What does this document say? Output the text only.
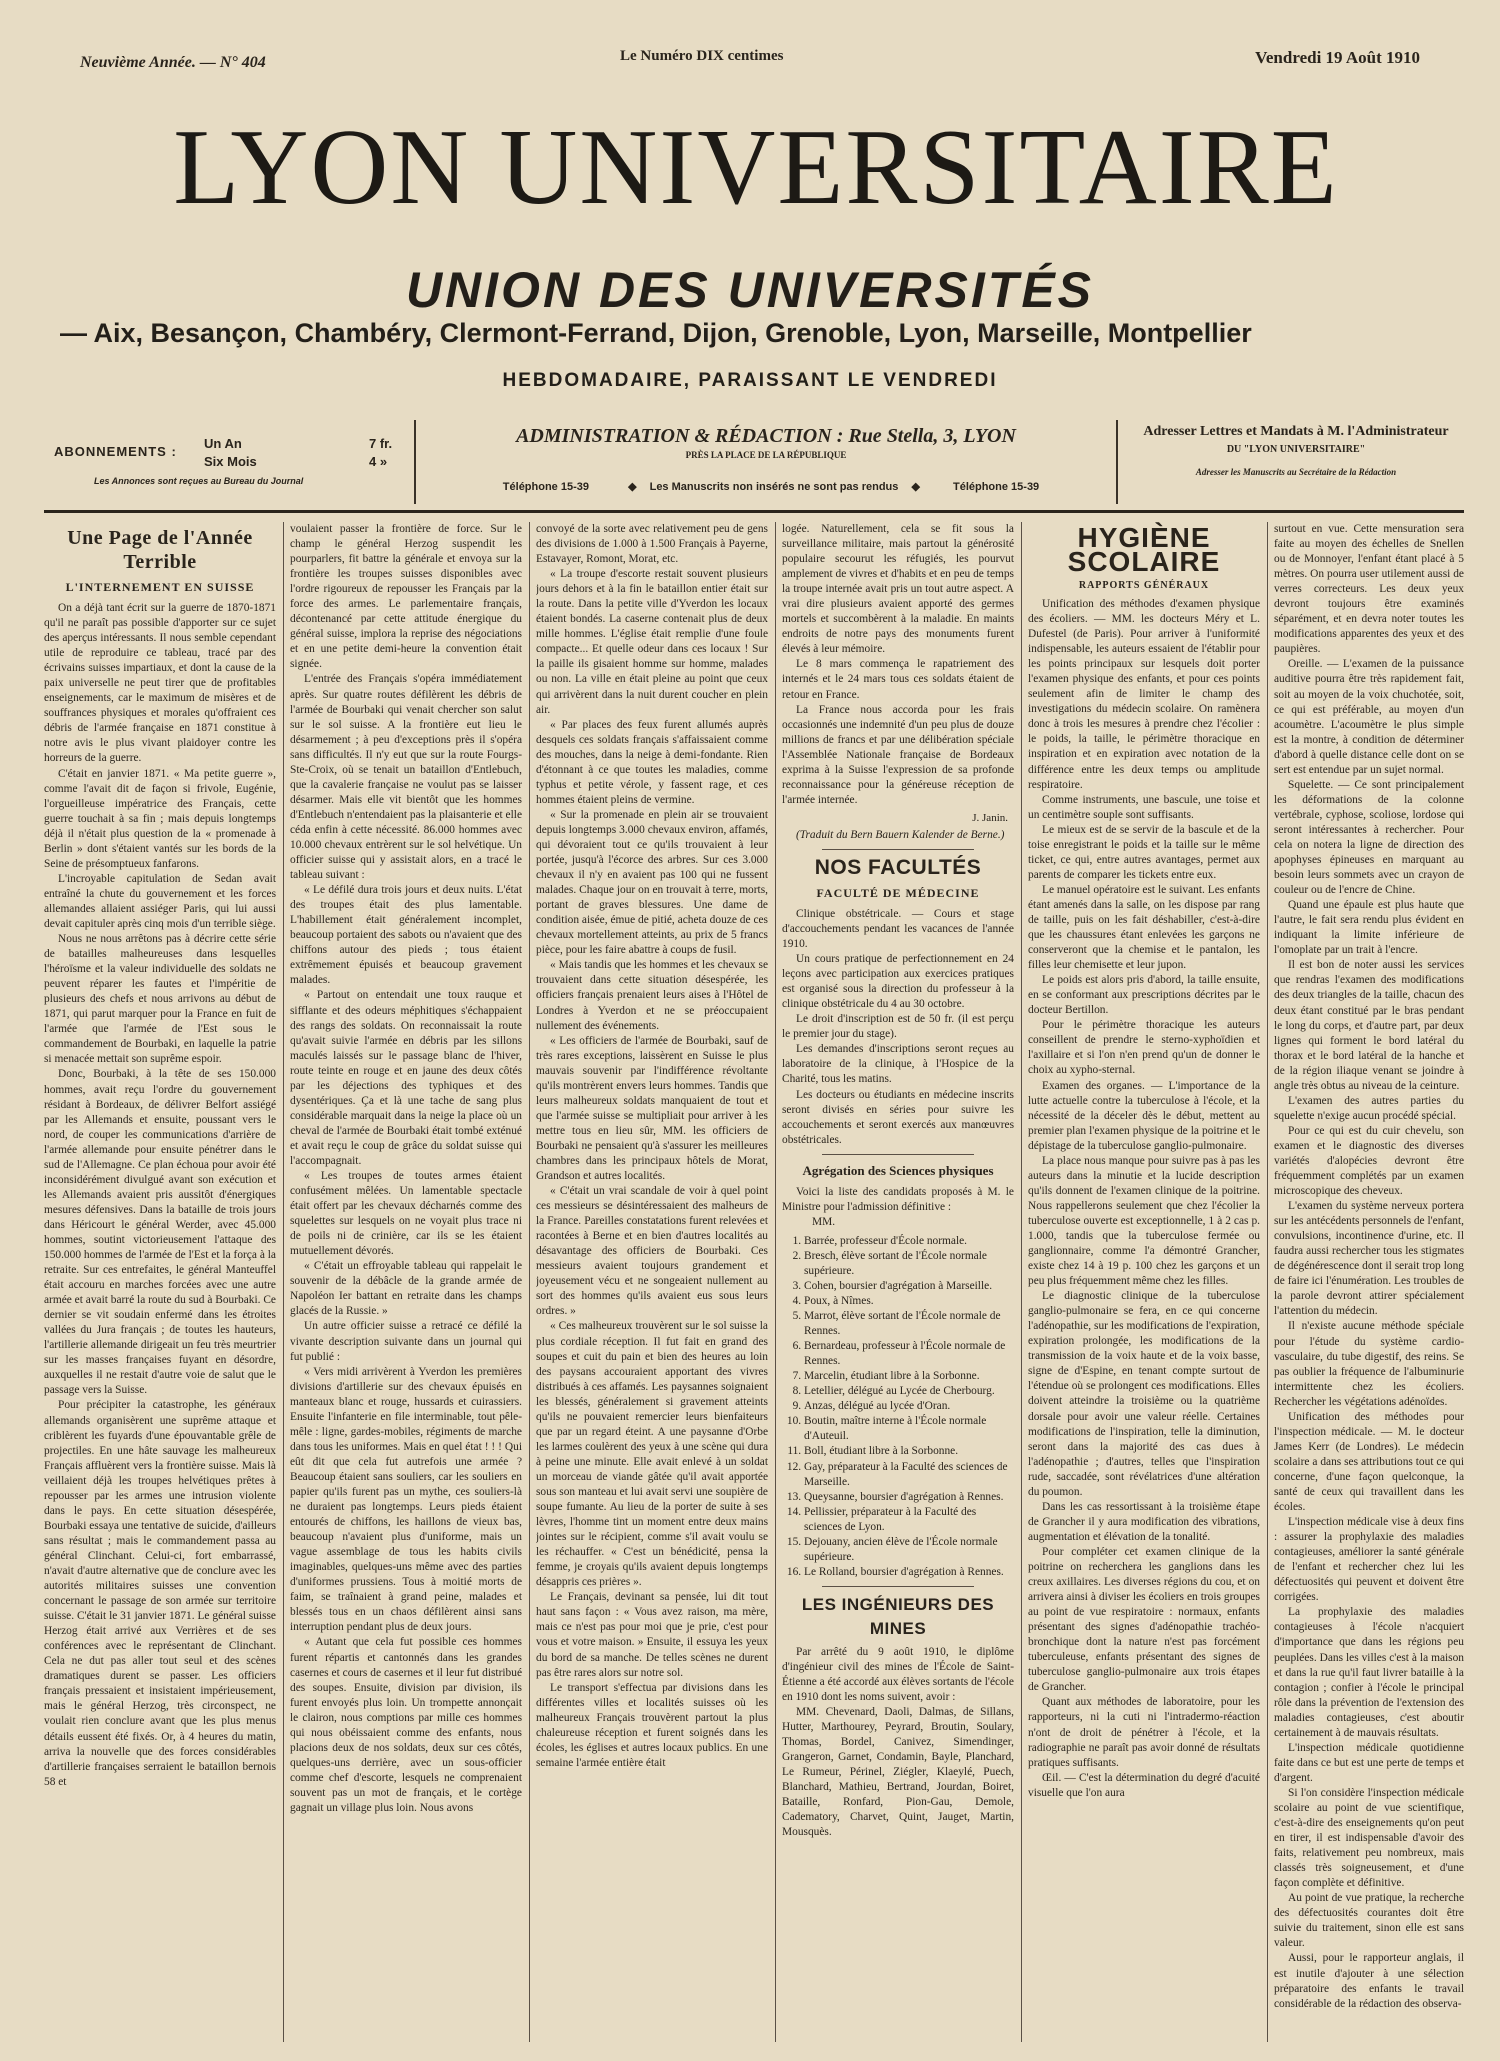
Neuvième Année. — N° 404	Le Numéro DIX centimes	Vendredi 19 Août 1910
LYON UNIVERSITAIRE
UNION DES UNIVERSITÉS
— Aix, Besançon, Chambéry, Clermont-Ferrand, Dijon, Grenoble, Lyon, Marseille, Montpellier
HEBDOMADAIRE, PARAISSANT LE VENDREDI
ABONNEMENTS :
Un An	7 fr.
Six Mois	4 »
Les Annonces sont reçues au Bureau du Journal
ADMINISTRATION & RÉDACTION : Rue Stella, 3, LYON
PRÈS LA PLACE DE LA RÉPUBLIQUE
Téléphone 15-39	◆ Les Manuscrits non insérés ne sont pas rendus ◆	Téléphone 15-39
Adresser Lettres et Mandats à M. l'Administrateur
DU "LYON UNIVERSITAIRE"
Adresser les Manuscrits au Secrétaire de la Rédaction
Une Page de l'Année Terrible
L'INTERNEMENT EN SUISSE

On a déjà tant écrit sur la guerre de 1870-1871 qu'il ne paraît pas possible d'apporter sur ce sujet des aperçus intéressants. Il nous semble cependant utile de reproduire ce tableau, tracé par des écrivains suisses impartiaux, et dont la cause de la paix universelle ne peut tirer que de profitables enseignements, car le maximum de misères et de souffrances physiques et morales qu'offraient ces débris de l'armée française en 1871 constitue à notre avis le plus vivant plaidoyer contre les horreurs de la guerre.

C'était en janvier 1871. « Ma petite guerre », comme l'avait dit de façon si frivole, Eugénie, l'orgueilleuse impératrice des Français, cette guerre touchait à sa fin ; mais depuis longtemps déjà il n'était plus question de la « promenade à Berlin » dont s'étaient vantés sur les bords de la Seine de présomptueux fanfarons.

L'incroyable capitulation de Sedan avait entraîné la chute du gouvernement et les forces allemandes allaient assiéger Paris, qui lui aussi devait capituler après cinq mois d'un terrible siège.

Nous ne nous arrêtons pas à décrire cette série de batailles malheureuses dans lesquelles l'héroïsme et la valeur individuelle des soldats ne peuvent réparer les fautes et l'impéritie de plusieurs des chefs et nous arrivons au début de 1871, qui parut marquer pour la France en fuit de l'armée que l'armée de l'Est sous le commandement de Bourbaki, en laquelle la patrie si menacée mettait son suprême espoir.

Donc, Bourbaki, à la tête de ses 150.000 hommes, avait reçu l'ordre du gouvernement résidant à Bordeaux, de délivrer Belfort assiégé par les Allemands et ensuite, poussant vers le nord, de couper les communications d'arrière de l'armée allemande pour ensuite pénétrer dans le sud de l'Allemagne. Ce plan échoua pour avoir été inconsidérément divulgué avant son exécution et les Allemands avaient pris aussitôt d'énergiques mesures défensives. Dans la bataille de trois jours dans Héricourt le général Werder, avec 45.000 hommes, soutint victorieusement l'attaque des 150.000 hommes de l'armée de l'Est et la força à la retraite. Sur ces entrefaites, le général Manteuffel était accouru en marches forcées avec une autre armée et avait barré la route du sud à Bourbaki. Ce dernier se vit soudain enfermé dans les étroites vallées du Jura français ; de toutes les hauteurs, l'artillerie allemande dirigeait un feu très meurtrier sur les masses françaises fuyant en désordre, auxquelles il ne restait d'autre voie de salut que le passage vers la Suisse.

Pour précipiter la catastrophe, les généraux allemands organisèrent une suprême attaque et criblèrent les fuyards d'une épouvantable grêle de projectiles. En une hâte sauvage les malheureux Français affluèrent vers la frontière suisse. Mais là veillaient déjà les troupes helvétiques prêtes à repousser par les armes une intrusion violente dans le pays. En cette situation désespérée, Bourbaki essaya une tentative de suicide, d'ailleurs sans résultat ; mais le commandement passa au général Clinchant. Celui-ci, fort embarrassé, n'avait d'autre alternative que de conclure avec les autorités militaires suisses une convention concernant le passage de son armée sur territoire suisse. C'était le 31 janvier 1871. Le général suisse Herzog était arrivé aux Verrières et de ses conférences avec le représentant de Clinchant. Cela ne dut pas aller tout seul et des scènes dramatiques durent se passer. Les officiers français pressaient et insistaient impérieusement, mais le général Herzog, très circonspect, ne voulait rien conclure avant que les plus menus détails eussent été fixés. Or, à 4 heures du matin, arriva la nouvelle que des forces considérables d'artillerie françaises serraient le bataillon bernois 58 et

voulaient passer la frontière de force. Sur le champ le général Herzog suspendit les pourparlers, fit battre la générale et envoya sur la frontière les troupes suisses disponibles avec l'ordre rigoureux de repousser les Français par la force des armes. Le parlementaire français, décontenancé par cette attitude énergique du général suisse, implora la reprise des négociations et en une petite demi-heure la convention était signée.

L'entrée des Français s'opéra immédiatement après. Sur quatre routes défilèrent les débris de l'armée de Bourbaki qui venait chercher son salut sur le sol suisse. A la frontière eut lieu le désarmement ; à peu d'exceptions près il s'opéra sans difficultés. Il n'y eut que sur la route Fourgs-Ste-Croix, où se tenait un bataillon d'Entlebuch, que la cavalerie française ne voulut pas se laisser désarmer. Mais elle vit bientôt que les hommes d'Entlebuch n'entendaient pas la plaisanterie et elle céda enfin à cette nécessité. 86.000 hommes avec 10.000 chevaux entrèrent sur le sol helvétique. Un officier suisse qui y assistait alors, en a tracé le tableau suivant :

« Le défilé dura trois jours et deux nuits. L'état des troupes était des plus lamentable. L'habillement était généralement incomplet, beaucoup portaient des sabots ou n'avaient que des chiffons autour des pieds ; tous étaient extrêmement épuisés et beaucoup gravement malades.

« Partout on entendait une toux rauque et sifflante et des odeurs méphitiques s'échappaient des rangs des soldats. On reconnaissait la route qu'avait suivie l'armée en débris par les sillons maculés laissés sur le passage blanc de l'hiver, route teinte en rouge et en jaune des deux côtés par les déjections des typhiques et des dysentériques. Ça et là une tache de sang plus considérable marquait dans la neige la place où un cheval de l'armée de Bourbaki était tombé exténué et avait reçu le coup de grâce du soldat suisse qui l'accompagnait.

« Les troupes de toutes armes étaient confusément mêlées. Un lamentable spectacle était offert par les chevaux décharnés comme des squelettes sur lesquels on ne voyait plus trace ni de poils ni de crinière, car ils se les étaient mutuellement dévorés.

« C'était un effroyable tableau qui rappelait le souvenir de la débâcle de la grande armée de Napoléon Ier battant en retraite dans les champs glacés de la Russie. »

Un autre officier suisse a retracé ce défilé la vivante description suivante dans un journal qui fut publié :

« Vers midi arrivèrent à Yverdon les premières divisions d'artillerie sur des chevaux épuisés en manteaux blanc et rouge, hussards et cuirassiers. Ensuite l'infanterie en file interminable, tout pêle-mêle : ligne, gardes-mobiles, régiments de marche dans tous les uniformes. Mais en quel état ! ! ! Qui eût dit que cela fut autrefois une armée ? Beaucoup étaient sans souliers, car les souliers en papier qu'ils furent pas un mythe, ces souliers-là ne duraient pas longtemps. Leurs pieds étaient entourés de chiffons, les haillons de vieux bas, beaucoup n'avaient plus d'uniforme, mais un vague assemblage de tous les habits civils imaginables, quelques-uns même avec des parties d'uniformes prussiens. Tous à moitié morts de faim, se traînaient à grand peine, malades et blessés tous en un chaos défilèrent ainsi sans interruption pendant plus de deux jours.

« Autant que cela fut possible ces hommes furent répartis et cantonnés dans les grandes casernes et cours de casernes et il leur fut distribué des soupes. Ensuite, division par division, ils furent envoyés plus loin. Un trompette annonçait le clairon, nous comptions par mille ces hommes qui nous obéissaient comme des enfants, nous placions deux de nos soldats, deux sur ces côtés, quelques-uns derrière, avec un sous-officier comme chef d'escorte, lesquels ne comprenaient souvent pas un mot de français, et le cortège gagnait un village plus loin. Nous avons

convoyé de la sorte avec relativement peu de gens des divisions de 1.000 à 1.500 Français à Payerne, Estavayer, Romont, Morat, etc.

« La troupe d'escorte restait souvent plusieurs jours dehors et à la fin le bataillon entier était sur la route. Dans la petite ville d'Yverdon les locaux étaient bondés. La caserne contenait plus de deux mille hommes. L'église était remplie d'une foule compacte... Et quelle odeur dans ces locaux ! Sur la paille ils gisaient homme sur homme, malades ou non. La ville en était pleine au point que ceux qui arrivèrent dans la nuit durent coucher en plein air.

« Par places des feux furent allumés auprès desquels ces soldats français s'affaissaient comme des mouches, dans la neige à demi-fondante. Rien d'étonnant à ce que toutes les maladies, comme typhus et petite vérole, y fassent rage, et ces hommes étaient pleins de vermine.

« Sur la promenade en plein air se trouvaient depuis longtemps 3.000 chevaux environ, affamés, qui dévoraient tout ce qu'ils trouvaient à leur portée, jusqu'à l'écorce des arbres. Sur ces 3.000 chevaux il n'y en avaient pas 100 qui ne fussent malades. Chaque jour on en trouvait à terre, morts, portant de graves blessures. Une dame de condition aisée, émue de pitié, acheta douze de ces chevaux mortellement atteints, au prix de 5 francs pièce, pour les faire abattre à coups de fusil.

« Mais tandis que les hommes et les chevaux se trouvaient dans cette situation désespérée, les officiers français prenaient leurs aises à l'Hôtel de Londres à Yverdon et ne se préoccupaient nullement des événements.

« Les officiers de l'armée de Bourbaki, sauf de très rares exceptions, laissèrent en Suisse le plus mauvais souvenir par l'indifférence révoltante qu'ils montrèrent envers leurs hommes. Tandis que leurs malheureux soldats manquaient de tout et que l'armée suisse se multipliait pour arriver à les mettre tous en lieu sûr, MM. les officiers de Bourbaki ne pensaient qu'à s'assurer les meilleures chambres dans les principaux hôtels de Morat, Grandson et autres localités.

« C'était un vrai scandale de voir à quel point ces messieurs se désintéressaient des malheurs de la France. Pareilles constatations furent relevées et racontées à Berne et en bien d'autres localités au désavantage des officiers de Bourbaki. Ces messieurs avaient toujours grandement et joyeusement vécu et ne songeaient nullement au sort des hommes qu'ils avaient eus sous leurs ordres. »

« Ces malheureux trouvèrent sur le sol suisse la plus cordiale réception. Il fut fait en grand des soupes et cuit du pain et bien des heures au loin des paysans accouraient apportant des vivres distribués à ces affamés. Les paysannes soignaient les blessés, généralement si gravement atteints qu'ils ne pouvaient remercier leurs bienfaiteurs que par un regard éteint. A une paysanne d'Orbe les larmes coulèrent des yeux à une scène qui dura à peine une minute. Elle avait enlevé à un soldat un morceau de viande gâtée qu'il avait apportée sous son manteau et lui avait servi une soupière de soupe fumante. Au lieu de la porter de suite à ses lèvres, l'homme tint un moment entre deux mains jointes sur le récipient, comme s'il avait voulu se les réchauffer. « C'est un bénédicité, pensa la femme, je croyais qu'ils avaient depuis longtemps désappris ces prières ».

Le Français, devinant sa pensée, lui dit tout haut sans façon : « Vous avez raison, ma mère, mais ce n'est pas pour moi que je prie, c'est pour vous et votre maison. » Ensuite, il essuya les yeux du bord de sa manche. De telles scènes ne durent pas être rares alors sur notre sol.

Le transport s'effectua par divisions dans les différentes villes et localités suisses où les malheureux Français trouvèrent partout la plus chaleureuse réception et furent soignés dans les écoles, les églises et autres locaux publics. En une semaine l'armée entière était

logée. Naturellement, cela se fit sous la surveillance militaire, mais partout la générosité populaire secourut les réfugiés, les pourvut amplement de vivres et d'habits et en peu de temps la troupe internée avait pris un tout autre aspect. A vrai dire plusieurs avaient apporté des germes mortels et succombèrent à la maladie. En maints endroits de notre pays des monuments furent élevés à leur mémoire.

Le 8 mars commença le rapatriement des internés et le 24 mars tous ces soldats étaient de retour en France.

La France nous accorda pour les frais occasionnés une indemnité d'un peu plus de douze millions de francs et par une délibération spéciale l'Assemblée Nationale française de Bordeaux exprima à la Suisse l'expression de sa profonde reconnaissance pour la généreuse réception de l'armée internée.

J. Janin.

(Traduit du Bern Bauern Kalender de Berne.)

NOS FACULTÉS
FACULTÉ DE MÉDECINE

Clinique obstétricale. — Cours et stage d'accouchements pendant les vacances de l'année 1910.

Un cours pratique de perfectionnement en 24 leçons avec participation aux exercices pratiques est organisé sous la direction du professeur à la clinique obstétricale du 4 au 30 octobre.

Le droit d'inscription est de 50 fr. (il est perçu le premier jour du stage).

Les demandes d'inscriptions seront reçues au laboratoire de la clinique, à l'Hospice de la Charité, tous les matins.

Les docteurs ou étudiants en médecine inscrits seront divisés en séries pour suivre les accouchements et seront exercés aux manœuvres obstétricales.

Agrégation des Sciences physiques

Voici la liste des candidats proposés à M. le Ministre pour l'admission définitive :

MM.

1. Barrée, professeur d'École normale.
2. Bresch, élève sortant de l'École normale supérieure.
3. Cohen, boursier d'agrégation à Marseille.
4. Poux, à Nîmes.
5. Marrot, élève sortant de l'École normale de Rennes.
6. Bernardeau, professeur à l'École normale de Rennes.
7. Marcelin, étudiant libre à la Sorbonne.
8. Letellier, délégué au Lycée de Cherbourg.
9. Anzas, délégué au lycée d'Oran.
10. Boutin, maître interne à l'École normale d'Auteuil.
11. Boll, étudiant libre à la Sorbonne.
12. Gay, préparateur à la Faculté des sciences de Marseille.
13. Queysanne, boursier d'agrégation à Rennes.
14. Pellissier, préparateur à la Faculté des sciences de Lyon.
15. Dejouany, ancien élève de l'École normale supérieure.
16. Le Rolland, boursier d'agrégation à Rennes.
LES INGÉNIEURS DES MINES

Par arrêté du 9 août 1910, le diplôme d'ingénieur civil des mines de l'École de Saint-Étienne a été accordé aux élèves sortants de l'école en 1910 dont les noms suivent, avoir :

MM. Chevenard, Daoli, Dalmas, de Sillans, Hutter, Marthourey, Peyrard, Broutin, Soulary, Thomas, Bordel, Canivez, Simendinger, Grangeron, Garnet, Condamin, Bayle, Planchard, Le Rumeur, Périnel, Ziégler, Klaeylé, Puech, Blanchard, Mathieu, Bertrand, Jourdan, Boiret, Bataille, Ronfard, Pion-Gau, Demole, Cadematory, Charvet, Quint, Jauget, Martin, Mousquès.

HYGIÈNE SCOLAIRE
RAPPORTS GÉNÉRAUX

Unification des méthodes d'examen physique des écoliers. — MM. les docteurs Méry et L. Dufestel (de Paris). Pour arriver à l'uniformité indispensable, les auteurs essaient de l'établir pour les points principaux sur lesquels doit porter l'examen physique des enfants, et pour ces points seulement afin de limiter le champ des investigations du médecin scolaire. On ramènera donc à trois les mesures à prendre chez l'écolier : le poids, la taille, le périmètre thoracique en inspiration et en expiration avec notation de la différence entre les deux temps ou amplitude respiratoire.

Comme instruments, une bascule, une toise et un centimètre souple sont suffisants.

Le mieux est de se servir de la bascule et de la toise enregistrant le poids et la taille sur le même ticket, ce qui, entre autres avantages, permet aux parents de comparer les tickets entre eux.

Le manuel opératoire est le suivant. Les enfants étant amenés dans la salle, on les dispose par rang de taille, puis on les fait déshabiller, c'est-à-dire que les chaussures étant enlevées les garçons ne conserveront que la chemise et le pantalon, les filles leur chemisette et leur jupon.

Le poids est alors pris d'abord, la taille ensuite, en se conformant aux prescriptions décrites par le docteur Bertillon.

Pour le périmètre thoracique les auteurs conseillent de prendre le sterno-xyphoïdien et l'axillaire et si l'on n'en prend qu'un de donner le choix au xypho-sternal.

Examen des organes. — L'importance de la lutte actuelle contre la tuberculose à l'école, et la nécessité de la déceler dès le début, mettent au premier plan l'examen physique de la poitrine et le dépistage de la tuberculose ganglio-pulmonaire.

La place nous manque pour suivre pas à pas les auteurs dans la minutie et la lucide description qu'ils donnent de l'examen clinique de la poitrine. Nous rappellerons seulement que chez l'écolier la tuberculose ouverte est exceptionnelle, 1 à 2 cas p. 1.000, tandis que la tuberculose fermée ou ganglionnaire, comme l'a démontré Grancher, existe chez 14 à 19 p. 100 chez les garçons et un peu plus fréquemment même chez les filles.

Le diagnostic clinique de la tuberculose ganglio-pulmonaire se fera, en ce qui concerne l'adénopathie, sur les modifications de l'expiration, expiration prolongée, les modifications de la transmission de la voix haute et de la voix basse, signe de d'Espine, en tenant compte surtout de l'étendue où se prolongent ces modifications. Elles doivent atteindre la troisième ou la quatrième dorsale pour avoir une valeur réelle. Certaines modifications de l'inspiration, telle la diminution, seront dans la majorité des cas dues à l'adénopathie ; d'autres, telles que l'inspiration rude, saccadée, sont révélatrices d'une altération du poumon.

Dans les cas ressortissant à la troisième étape de Grancher il y aura modification des vibrations, augmentation et élévation de la tonalité.

Pour compléter cet examen clinique de la poitrine on recherchera les ganglions dans les creux axillaires. Les diverses régions du cou, et on arrivera ainsi à diviser les écoliers en trois groupes au point de vue respiratoire : normaux, enfants présentant des signes d'adénopathie trachéo-bronchique dont la nature n'est pas forcément tuberculeuse, enfants présentant des signes de tuberculose ganglio-pulmonaire aux trois étapes de Grancher.

Quant aux méthodes de laboratoire, pour les rapporteurs, ni la cuti ni l'intradermo-réaction n'ont de droit de pénétrer à l'école, et la radiographie ne paraît pas avoir donné de résultats pratiques suffisants.

Œil. — C'est la détermination du degré d'acuité visuelle que l'on aura

surtout en vue. Cette mensuration sera faite au moyen des échelles de Snellen ou de Monnoyer, l'enfant étant placé à 5 mètres. On pourra user utilement aussi de verres correcteurs. Les deux yeux devront toujours être examinés séparément, et en devra noter toutes les modifications apparentes des yeux et des paupières.

Oreille. — L'examen de la puissance auditive pourra être très rapidement fait, soit au moyen de la voix chuchotée, soit, ce qui est préférable, au moyen d'un acoumètre. L'acoumètre le plus simple est la montre, à condition de déterminer d'abord à quelle distance celle dont on se sert est entendue par un sujet normal.

Squelette. — Ce sont principalement les déformations de la colonne vertébrale, cyphose, scoliose, lordose qui seront intéressantes à rechercher. Pour cela on notera la ligne de direction des apophyses épineuses en marquant au besoin leurs sommets avec un crayon de couleur ou de l'encre de Chine.

Quand une épaule est plus haute que l'autre, le fait sera rendu plus évident en indiquant la limite inférieure de l'omoplate par un trait à l'encre.

Il est bon de noter aussi les services que rendras l'examen des modifications des deux triangles de la taille, chacun des deux étant constitué par le bras pendant le long du corps, et d'autre part, par deux lignes qui forment le bord latéral du thorax et le bord latéral de la hanche et de la région iliaque venant se joindre à angle très obtus au niveau de la ceinture.

L'examen des autres parties du squelette n'exige aucun procédé spécial.

Pour ce qui est du cuir chevelu, son examen et le diagnostic des diverses variétés d'alopécies devront être fréquemment complétés par un examen microscopique des cheveux.

L'examen du système nerveux portera sur les antécédents personnels de l'enfant, convulsions, incontinence d'urine, etc. Il faudra aussi rechercher tous les stigmates de dégénérescence dont il serait trop long de faire ici l'énumération. Les troubles de la parole devront attirer spécialement l'attention du médecin.

Il n'existe aucune méthode spéciale pour l'étude du système cardio-vasculaire, du tube digestif, des reins. Se pas oublier la fréquence de l'albuminurie intermittente chez les écoliers. Rechercher les végétations adénoïdes.

Unification des méthodes pour l'inspection médicale. — M. le docteur James Kerr (de Londres). Le médecin scolaire a dans ses attributions tout ce qui concerne, d'une façon quelconque, la santé de ceux qui travaillent dans les écoles.

L'inspection médicale vise à deux fins : assurer la prophylaxie des maladies contagieuses, améliorer la santé générale de l'enfant et rechercher chez lui les défectuosités qui peuvent et doivent être corrigées.

La prophylaxie des maladies contagieuses à l'école n'acquiert d'importance que dans les régions peu peuplées. Dans les villes c'est à la maison et dans la rue qu'il faut livrer bataille à la contagion ; confier à l'école le principal rôle dans la prévention de l'extension des maladies contagieuses, c'est aboutir certainement à de mauvais résultats.

L'inspection médicale quotidienne faite dans ce but est une perte de temps et d'argent.

Si l'on considère l'inspection médicale scolaire au point de vue scientifique, c'est-à-dire des enseignements qu'on peut en tirer, il est indispensable d'avoir des faits, relativement peu nombreux, mais classés très soigneusement, et d'une façon complète et définitive.

Au point de vue pratique, la recherche des défectuosités courantes doit être suivie du traitement, sinon elle est sans valeur.

Aussi, pour le rapporteur anglais, il est inutile d'ajouter à une sélection préparatoire des enfants le travail considérable de la rédaction des observa-
